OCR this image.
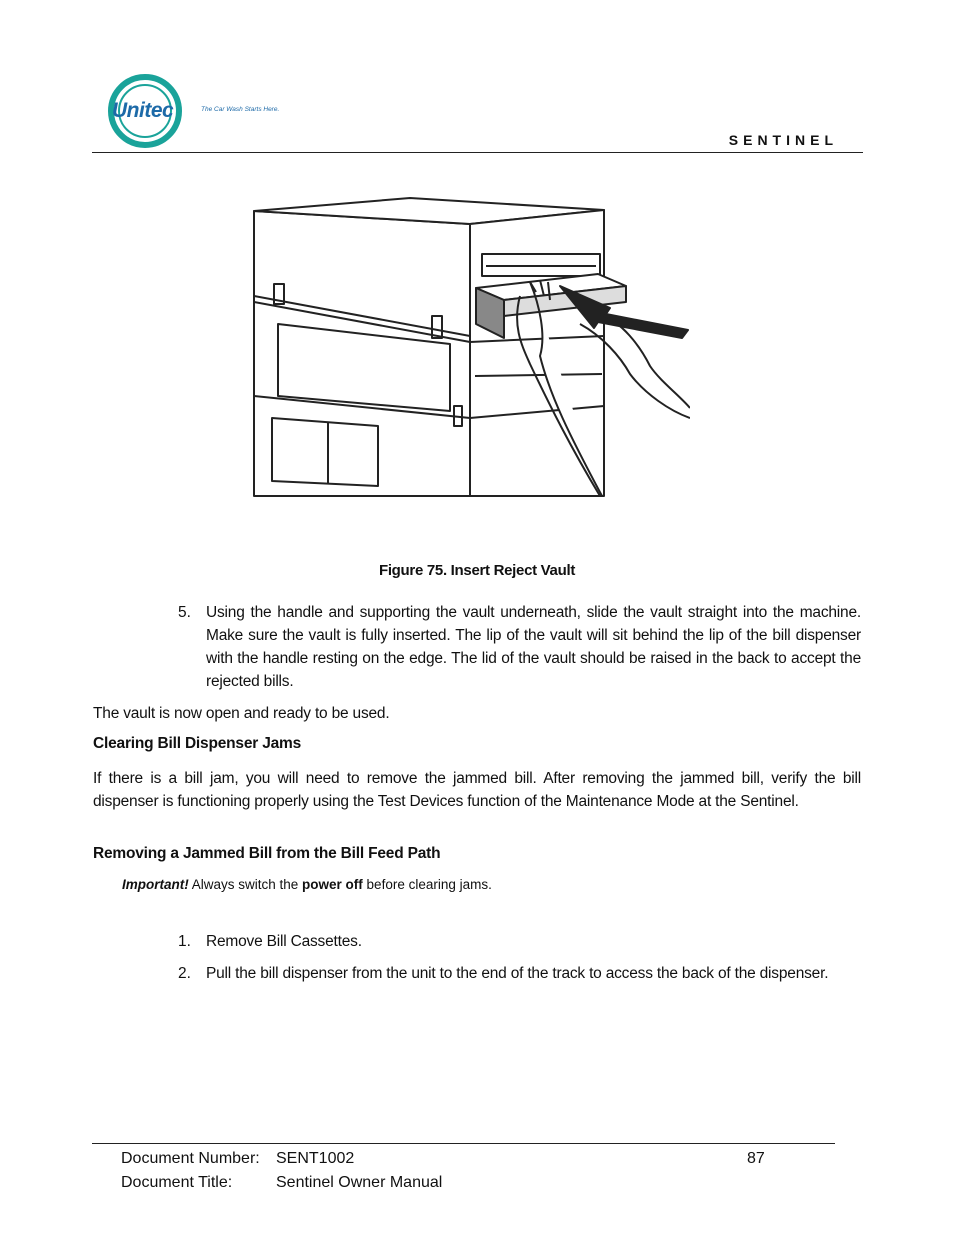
Unitec	The Car Wash Starts Here.
SENTINEL
Figure 75. Insert Reject Vault
5. Using the handle and supporting the vault underneath, slide the vault straight into the machine. Make sure the vault is fully inserted. The lip of the vault will sit behind the lip of the bill dispenser with the handle resting on the edge. The lid of the vault should be raised in the back to accept the rejected bills.
The vault is now open and ready to be used.
Clearing Bill Dispenser Jams
If there is a bill jam, you will need to remove the jammed bill. After removing the jammed bill, verify the bill dispenser is functioning properly using the Test Devices function of the Maintenance Mode at the Sentinel.
Removing a Jammed Bill from the Bill Feed Path
Important! Always switch the power off before clearing jams.
1. Remove Bill Cassettes.
2. Pull the bill dispenser from the unit to the end of the track to access the back of the dispenser.
Document Number: SENT1002	87
Document Title:	Sentinel Owner Manual
